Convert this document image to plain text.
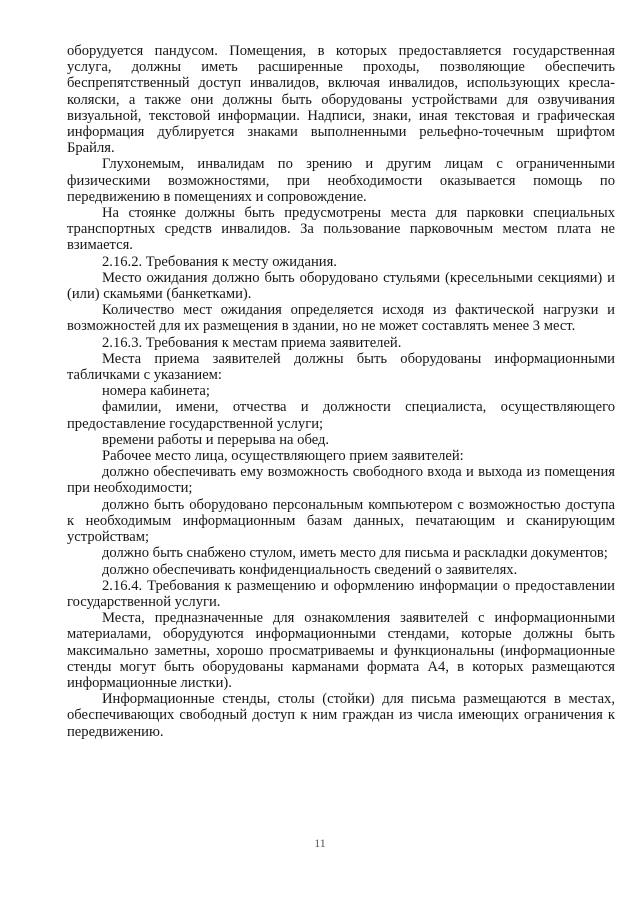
оборудуется пандусом. Помещения, в которых предоставляется государственная услуга, должны иметь расширенные проходы, позволяющие обеспечить беспрепятственный доступ инвалидов, включая инвалидов, использующих кресла-коляски, а также они должны быть оборудованы устройствами для озвучивания визуальной, текстовой информации. Надписи, знаки, иная текстовая и графическая информация дублируется знаками выполненными рельефно-точечным шрифтом Брайля.

Глухонемым, инвалидам по зрению и другим лицам с ограниченными физическими возможностями, при необходимости оказывается помощь по передвижению в помещениях и сопровождение.

На стоянке должны быть предусмотрены места для парковки специальных транспортных средств инвалидов. За пользование парковочным местом плата не взимается.

2.16.2. Требования к месту ожидания.

Место ожидания должно быть оборудовано стульями (кресельными секциями) и (или) скамьями (банкетками).

Количество мест ожидания определяется исходя из фактической нагрузки и возможностей для их размещения в здании, но не может составлять менее 3 мест.

2.16.3. Требования к местам приема заявителей.

Места приема заявителей должны быть оборудованы информационными табличками с указанием:

номера кабинета;

фамилии, имени, отчества и должности специалиста, осуществляющего предоставление государственной услуги;

времени работы и перерыва на обед.

Рабочее место лица, осуществляющего прием заявителей:

должно обеспечивать ему возможность свободного входа и выхода из помещения при необходимости;

должно быть оборудовано персональным компьютером с возможностью доступа к необходимым информационным базам данных, печатающим и сканирующим устройствам;

должно быть снабжено стулом, иметь место для письма и раскладки документов;

должно обеспечивать конфиденциальность сведений о заявителях.

2.16.4. Требования к размещению и оформлению информации о предоставлении государственной услуги.

Места, предназначенные для ознакомления заявителей с информационными материалами, оборудуются информационными стендами, которые должны быть максимально заметны, хорошо просматриваемы и функциональны (информационные стенды могут быть оборудованы карманами формата А4, в которых размещаются информационные листки).

Информационные стенды, столы (стойки) для письма размещаются в местах, обеспечивающих свободный доступ к ним граждан из числа имеющих ограничения к передвижению.

11
